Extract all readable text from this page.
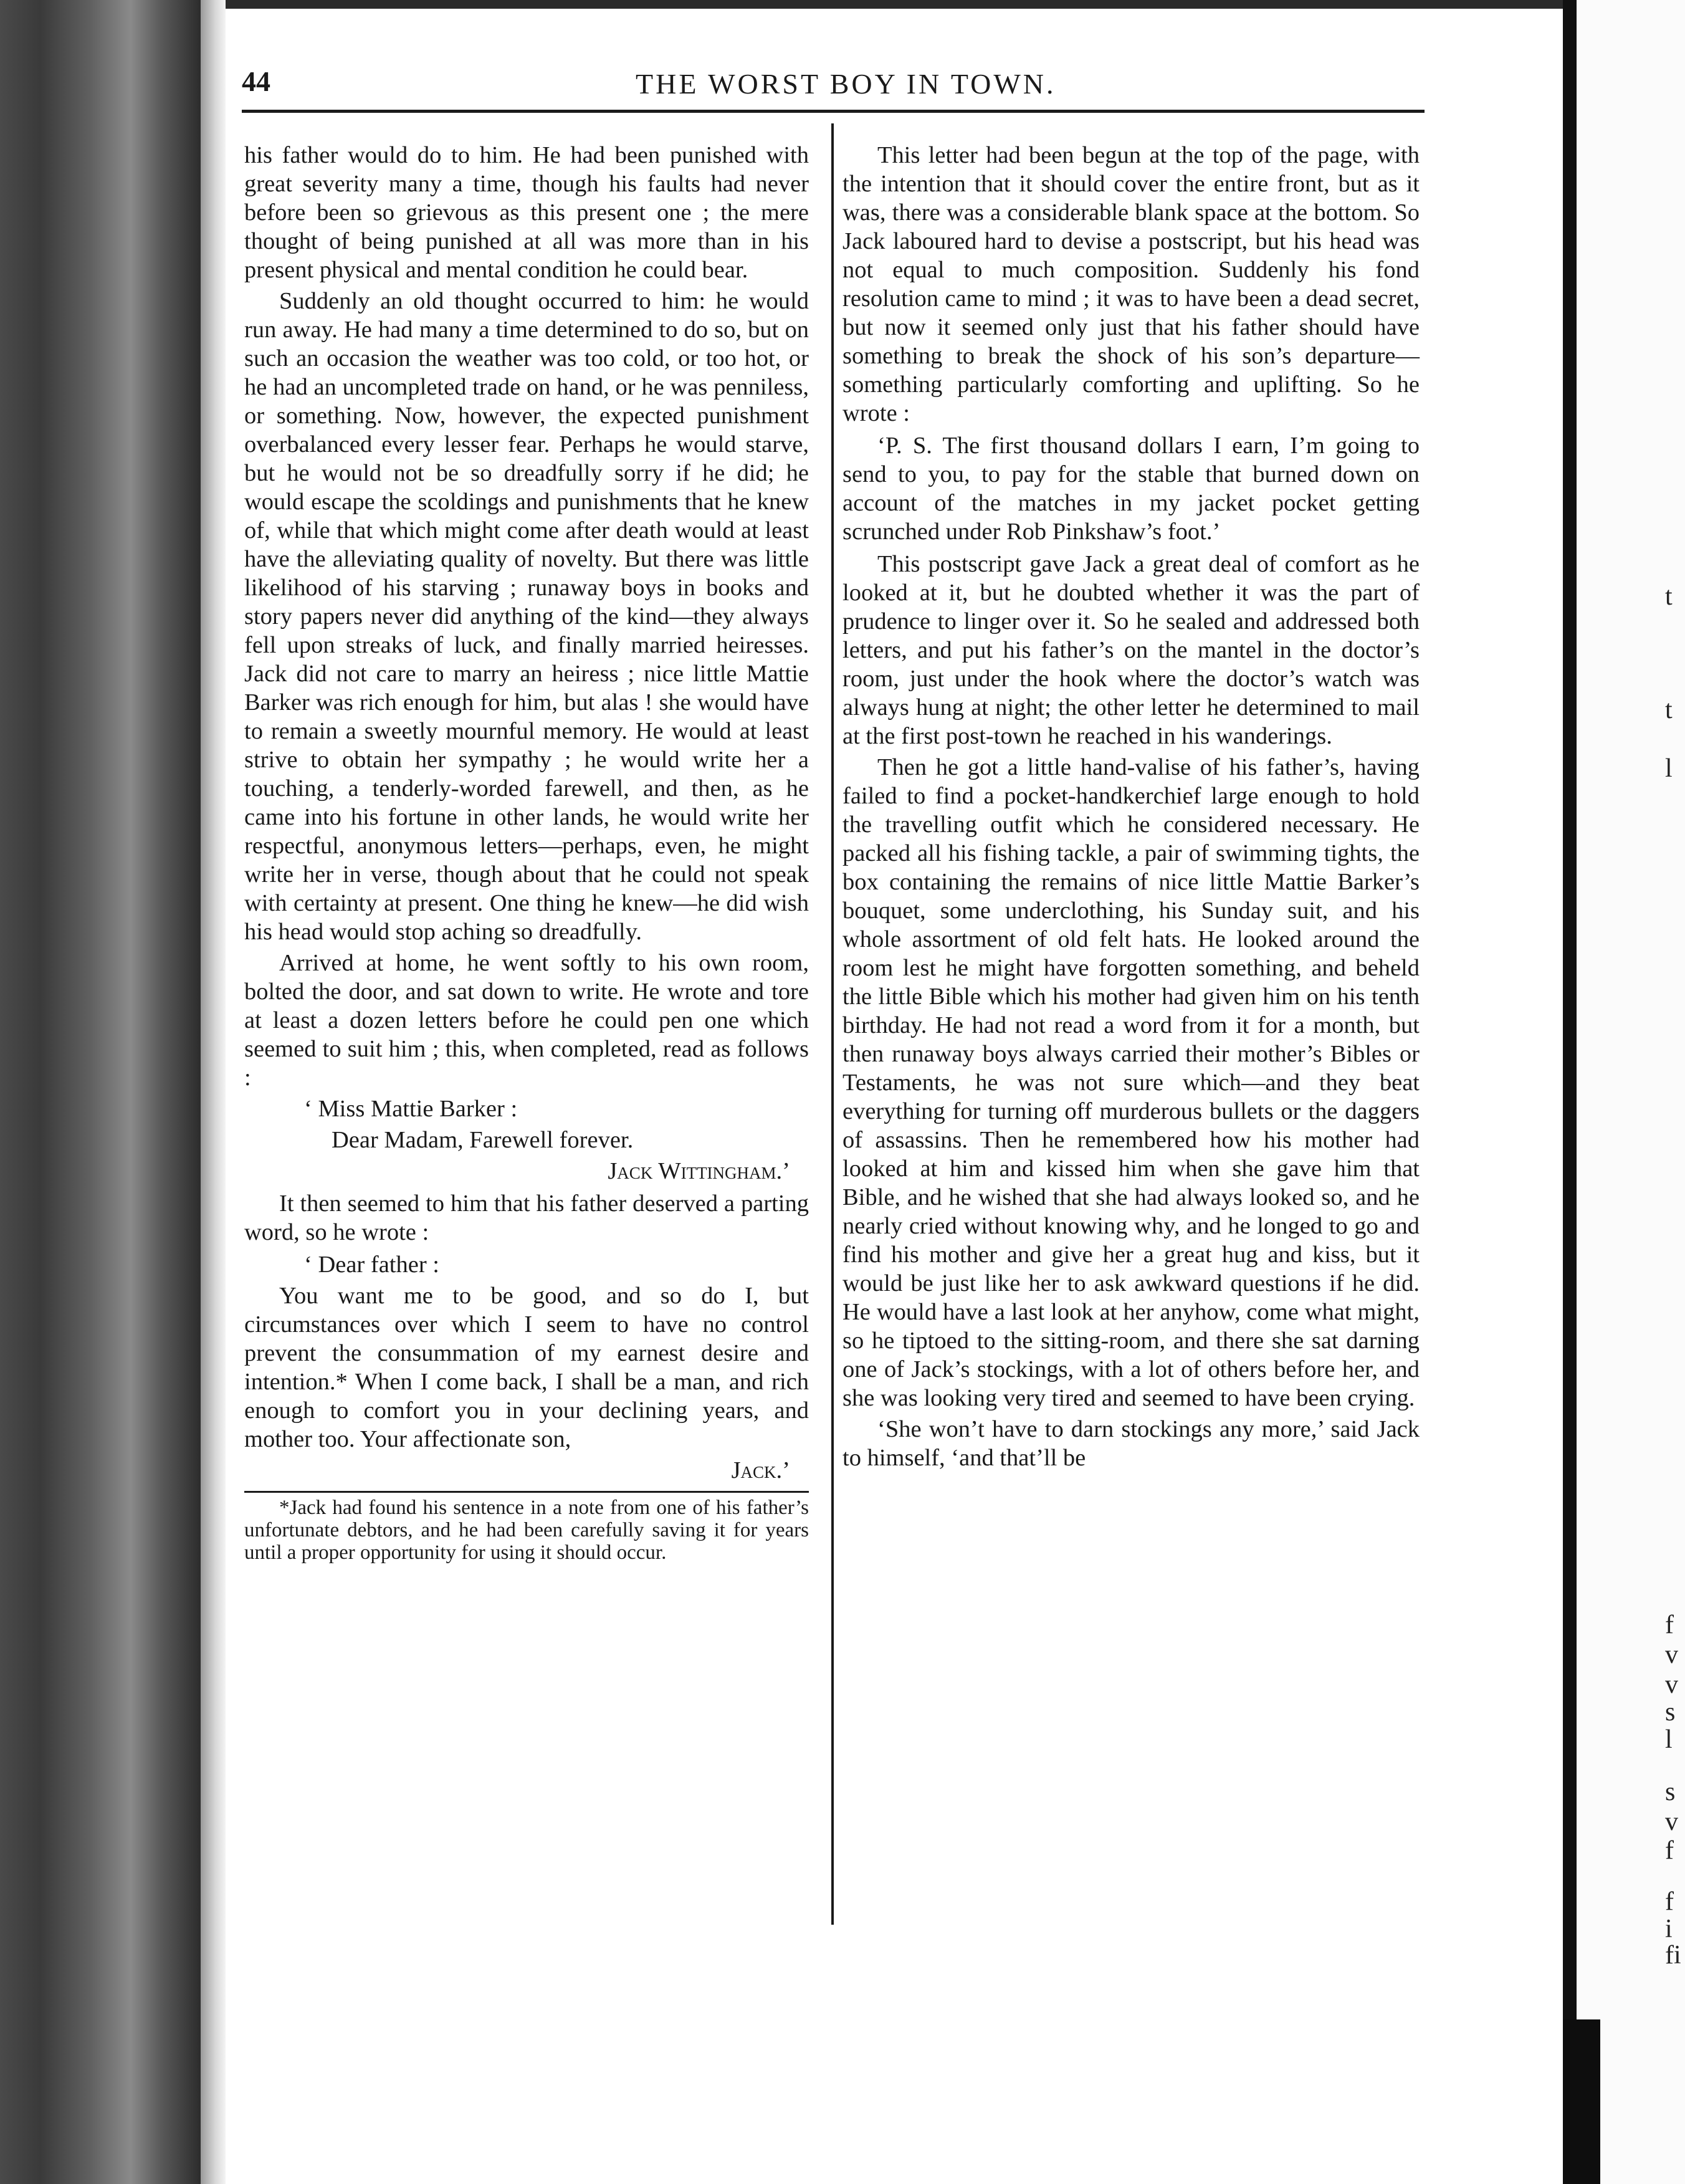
t
t
l
f
v
v
s
l
s
v
f
f
i
fi
44	THE WORST BOY IN TOWN.

his father would do to him. He had been punished with great severity many a time, though his faults had never before been so grievous as this present one ; the mere thought of being punished at all was more than in his present physical and mental condition he could bear.

Suddenly an old thought occurred to him: he would run away. He had many a time determined to do so, but on such an occasion the weather was too cold, or too hot, or he had an uncompleted trade on hand, or he was penniless, or something. Now, however, the expected punishment overbalanced every lesser fear. Perhaps he would starve, but he would not be so dreadfully sorry if he did; he would escape the scoldings and punishments that he knew of, while that which might come after death would at least have the alleviating quality of novelty. But there was little likelihood of his starving ; runaway boys in books and story papers never did anything of the kind—they always fell upon streaks of luck, and finally married heiresses. Jack did not care to marry an heiress ; nice little Mattie Barker was rich enough for him, but alas ! she would have to remain a sweetly mournful memory. He would at least strive to obtain her sympathy ; he would write her a touching, a tenderly-worded farewell, and then, as he came into his fortune in other lands, he would write her respectful, anonymous letters—perhaps, even, he might write her in verse, though about that he could not speak with certainty at present. One thing he knew—he did wish his head would stop aching so dreadfully.

Arrived at home, he went softly to his own room, bolted the door, and sat down to write. He wrote and tore at least a dozen letters before he could pen one which seemed to suit him ; this, when completed, read as follows :

‘ Miss Mattie Barker :

Dear Madam, Farewell forever.

Jack Wittingham.’

It then seemed to him that his father deserved a parting word, so he wrote :

‘ Dear father :

You want me to be good, and so do I, but circumstances over which I seem to have no control prevent the consummation of my earnest desire and intention.* When I come back, I shall be a man, and rich enough to comfort you in your declining years, and mother too. Your affectionate son,

Jack.’

*Jack had found his sentence in a note from one of his father’s unfortunate debtors, and he had been carefully saving it for years until a proper opportunity for using it should occur.

This letter had been begun at the top of the page, with the intention that it should cover the entire front, but as it was, there was a considerable blank space at the bottom. So Jack laboured hard to devise a postscript, but his head was not equal to much composition. Suddenly his fond resolution came to mind ; it was to have been a dead secret, but now it seemed only just that his father should have something to break the shock of his son’s departure—something particularly comforting and uplifting. So he wrote :

‘P. S. The first thousand dollars I earn, I’m going to send to you, to pay for the stable that burned down on account of the matches in my jacket pocket getting scrunched under Rob Pinkshaw’s foot.’

This postscript gave Jack a great deal of comfort as he looked at it, but he doubted whether it was the part of prudence to linger over it. So he sealed and addressed both letters, and put his father’s on the mantel in the doctor’s room, just under the hook where the doctor’s watch was always hung at night; the other letter he determined to mail at the first post-town he reached in his wanderings.

Then he got a little hand-valise of his father’s, having failed to find a pocket-handkerchief large enough to hold the travelling outfit which he considered necessary. He packed all his fishing tackle, a pair of swimming tights, the box containing the remains of nice little Mattie Barker’s bouquet, some underclothing, his Sunday suit, and his whole assortment of old felt hats. He looked around the room lest he might have forgotten something, and beheld the little Bible which his mother had given him on his tenth birthday. He had not read a word from it for a month, but then runaway boys always carried their mother’s Bibles or Testaments, he was not sure which—and they beat everything for turning off murderous bullets or the daggers of assassins. Then he remembered how his mother had looked at him and kissed him when she gave him that Bible, and he wished that she had always looked so, and he nearly cried without knowing why, and he longed to go and find his mother and give her a great hug and kiss, but it would be just like her to ask awkward questions if he did. He would have a last look at her anyhow, come what might, so he tiptoed to the sitting-room, and there she sat darning one of Jack’s stockings, with a lot of others before her, and she was looking very tired and seemed to have been crying.

‘She won’t have to darn stockings any more,’ said Jack to himself, ‘and that’ll be
